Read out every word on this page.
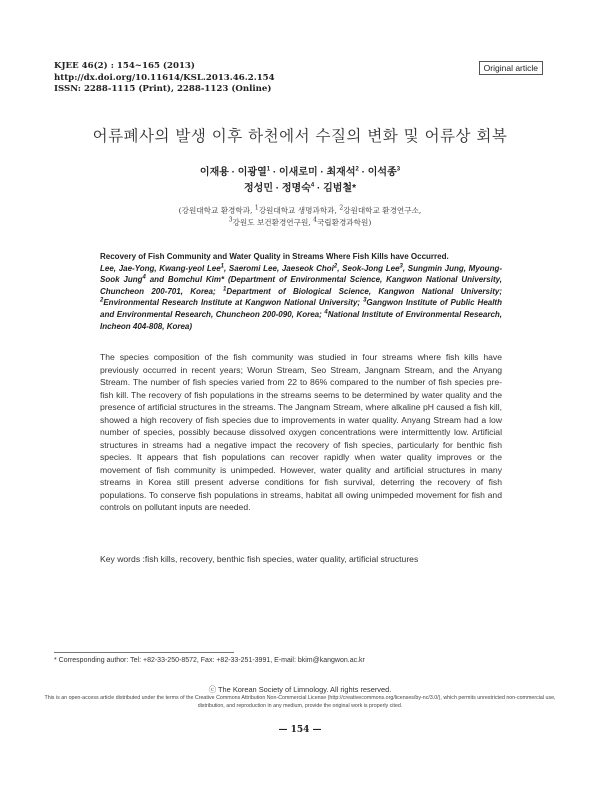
KJEE 46(2) : 154~165 (2013)
http://dx.doi.org/10.11614/KSL.2013.46.2.154
ISSN: 2288-1115 (Print), 2288-1123 (Online)
Original article
어류폐사의 발생 이후 하천에서 수질의 변화 및 어류상 회복
이재용 · 이광열$^1$ · 이새로미 · 최재석$^2$ · 이석종$^3$
정성민 · 정명숙$^4$ · 김범철*
(강원대학교 환경학과, $^1$강원대학교 생명과학과, $^2$강원대학교 환경연구소,
$^3$강원도 보건환경연구원, $^4$국립환경과학원)
Recovery of Fish Community and Water Quality in Streams Where Fish Kills have Occurred.
Lee, Jae-Yong, Kwang-yeol Lee$^1$, Saeromi Lee, Jaeseok Choi$^2$, Seok-Jong Lee$^3$, Sungmin Jung, Myoung-Sook Jung$^4$ and Bomchul Kim* (Department of Environmental Science, Kangwon National University, Chuncheon 200-701, Korea; $^1$Department of Biological Science, Kangwon National University; $^2$Environmental Research Institute at Kangwon National University; $^3$Gangwon Institute of Public Health and Environmental Research, Chuncheon 200-090, Korea; $^4$National Institute of Environmental Research, Incheon 404-808, Korea)
The species composition of the fish community was studied in four streams where fish kills have previously occurred in recent years; Worun Stream, Seo Stream, Jangnam Stream, and the Anyang Stream. The number of fish species varied from 22 to 86% compared to the number of fish species pre-fish kill. The recovery of fish populations in the streams seems to be determined by water quality and the presence of artificial structures in the streams. The Jangnam Stream, where alkaline pH caused a fish kill, showed a high recovery of fish species due to improvements in water quality. Anyang Stream had a low number of species, possibly because dissolved oxygen concentrations were intermittently low. Artificial structures in streams had a negative impact the recovery of fish species, particularly for benthic fish species. It appears that fish populations can recover rapidly when water quality improves or the movement of fish community is unimpeded. However, water quality and artificial structures in many streams in Korea still present adverse conditions for fish survival, deterring the recovery of fish populations. To conserve fish populations in streams, habitat all owing unimpeded movement for fish and controls on pollutant inputs are needed.
Key words :fish kills, recovery, benthic fish species, water quality, artificial structures
* Corresponding author: Tel: +82-33-250-8572, Fax: +82-33-251-3991, E-mail: bkim@kangwon.ac.kr
ⓒ The Korean Society of Limnology. All rights reserved.
This is an open-access article distributed under the terms of the Creative Commons Attribution Non-Commercial License (http://creativecommons.org/licenses/by-nc/3.0/), which permits unrestricted non-commercial use, distribution, and reproduction in any medium, provide the original work is properly cited.
— 154 —
